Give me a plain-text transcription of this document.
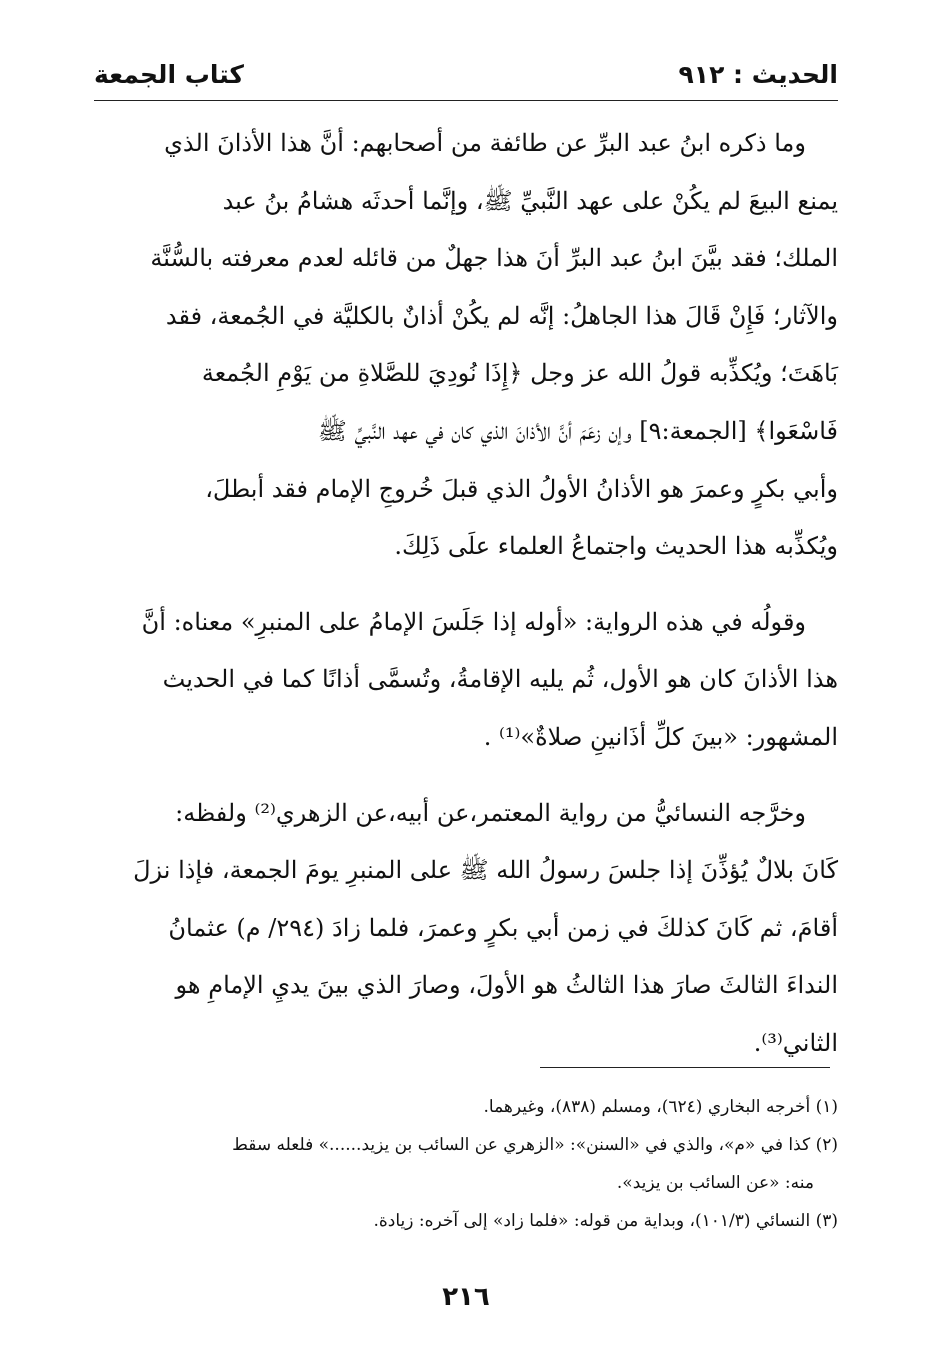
الحديث : ٩١٢
كتاب الجمعة

وما ذكره ابنُ عبد البرِّ عن طائفة من أصحابهم: أنَّ هذا الأذانَ الذي

يمنع البيعَ لم يكُنْ على عهد النَّبيِّ ﷺ، وإنَّما أحدثَه هشامُ بنُ عبد

الملك؛ فقد بيَّنَ ابنُ عبد البرِّ أنَ هذا جهلٌ من قائله لعدم معرفته بالسُّنَّة

والآثار؛ فَإِنْ قَالَ هذا الجاهلُ: إنَّه لم يكُنْ أذانٌ بالكليَّة في الجُمعة، فقد

بَاهَتَ؛ ويُكذِّبه قولُ الله عز وجل ﴿إِذَا نُودِيَ للصَّلاةِ من يَوْمِ الجُمعة

فَاسْعَوا﴾ [الجمعة:٩] وإن زعَمَ أنَّ الأذانَ الذي كان في عهد النَّبيِّ ﷺ

وأبي بكرٍ وعمرَ هو الأذانُ الأولُ الذي قبلَ خُروجِ الإمام فقد أبطلَ،

ويُكذِّبه هذا الحديث واجتماعُ العلماء علَى ذَلِكَ.

وقولُه في هذه الرواية: «أوله إذا جَلَسَ الإمامُ على المنبرِ» معناه: أنَّ

هذا الأذانَ كان هو الأول، ثُم يليه الإقامةُ، وتُسمَّى أذانًا كما في الحديث

المشهور: «بينَ كلِّ أذَانينِ صلاةٌ»⁽¹⁾ .

وخرَّجه النسائيُّ من رواية المعتمر،عن أبيه،عن الزهري⁽²⁾ ولفظه:

كَانَ بلالٌ يُؤذِّنَ إذا جلسَ رسولُ الله ﷺ على المنبرِ يومَ الجمعة، فإذا نزلَ

أقامَ، ثم كَانَ كذلكَ في زمن أبي بكرٍ وعمرَ، فلما زادَ (٢٩٤/ م) عثمانُ

النداءَ الثالثَ صارَ هذا الثالثُ هو الأولَ، وصارَ الذي بينَ يديِ الإمامِ هو

الثاني⁽³⁾.

(١) أخرجه البخاري (٦٢٤)، ومسلم (٨٣٨)، وغيرهما.

(٢) كذا في «م»، والذي في «السنن»: «الزهري عن السائب بن يزيد......» فلعله سقط

منه: «عن السائب بن يزيد».

(٣) النسائي (١٠١/٣)، وبداية من قوله: «فلما زاد» إلى آخره: زيادة.

٢١٦
